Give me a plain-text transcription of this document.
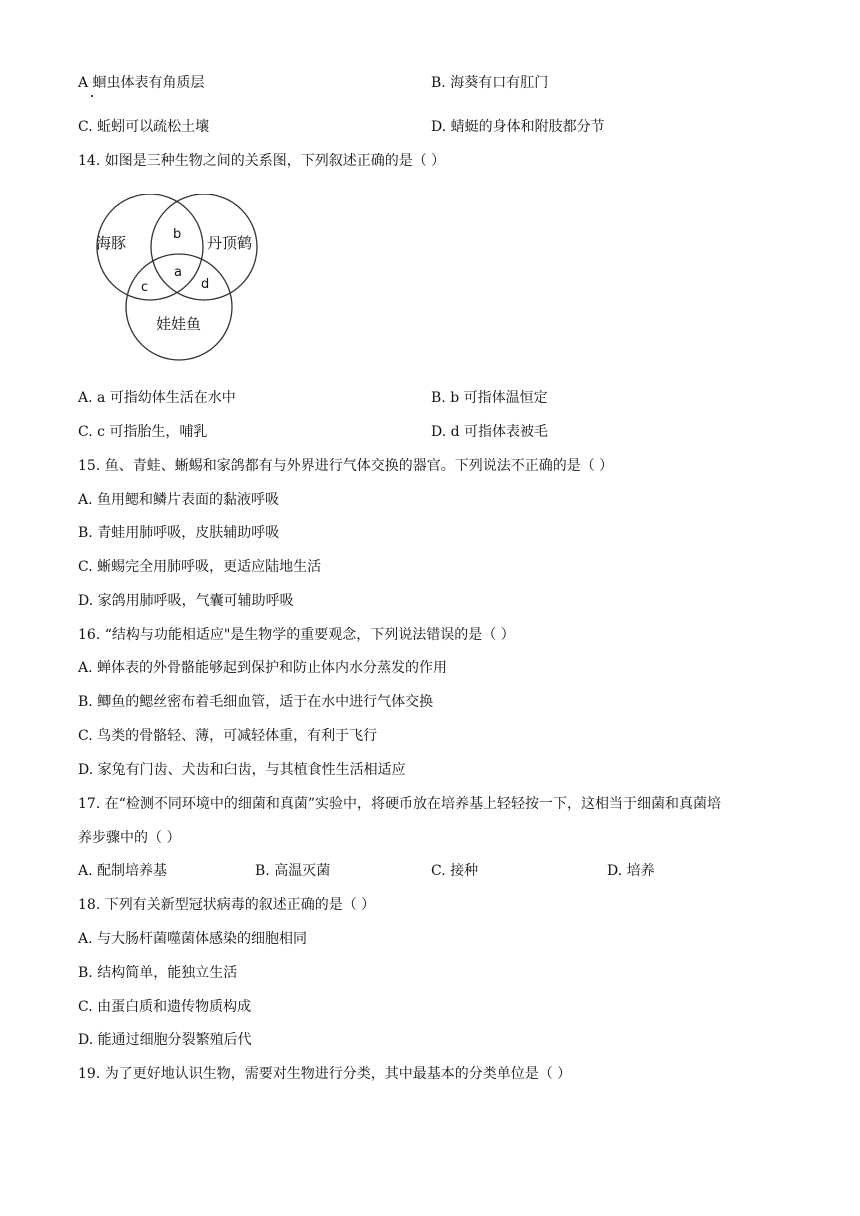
A 蛔虫体表有角质层	B. 海葵有口有肛门
C. 蚯蚓可以疏松土壤	D. 蜻蜓的身体和附肢都分节
14. 如图是三种生物之间的关系图，下列叙述正确的是（ ）
海豚	丹顶鹤
娃娃鱼
b
a
c	d
A. a 可指幼体生活在水中	B. b 可指体温恒定
C. c 可指胎生，哺乳	D. d 可指体表被毛
15. 鱼、青蛙、蜥蜴和家鸽都有与外界进行气体交换的器官。下列说法不正确的是（ ）
A. 鱼用鳃和鳞片表面的黏液呼吸
B. 青蛙用肺呼吸，皮肤辅助呼吸
C. 蜥蜴完全用肺呼吸，更适应陆地生活
D. 家鸽用肺呼吸，气囊可辅助呼吸
16. “结构与功能相适应"是生物学的重要观念，下列说法错误的是（ ）
A. 蝉体表的外骨骼能够起到保护和防止体内水分蒸发的作用
B. 鲫鱼的鳃丝密布着毛细血管，适于在水中进行气体交换
C. 鸟类的骨骼轻、薄，可减轻体重，有利于飞行
D. 家兔有门齿、犬齿和臼齿，与其植食性生活相适应
17. 在“检测不同环境中的细菌和真菌”实验中，将硬币放在培养基上轻轻按一下，这相当于细菌和真菌培
养步骤中的（ ）
A. 配制培养基	B. 高温灭菌	C. 接种	D. 培养
18. 下列有关新型冠状病毒的叙述正确的是（ ）
A. 与大肠杆菌噬菌体感染的细胞相同
B. 结构简单，能独立生活
C. 由蛋白质和遗传物质构成
D. 能通过细胞分裂繁殖后代
19. 为了更好地认识生物，需要对生物进行分类，其中最基本的分类单位是（ ）
